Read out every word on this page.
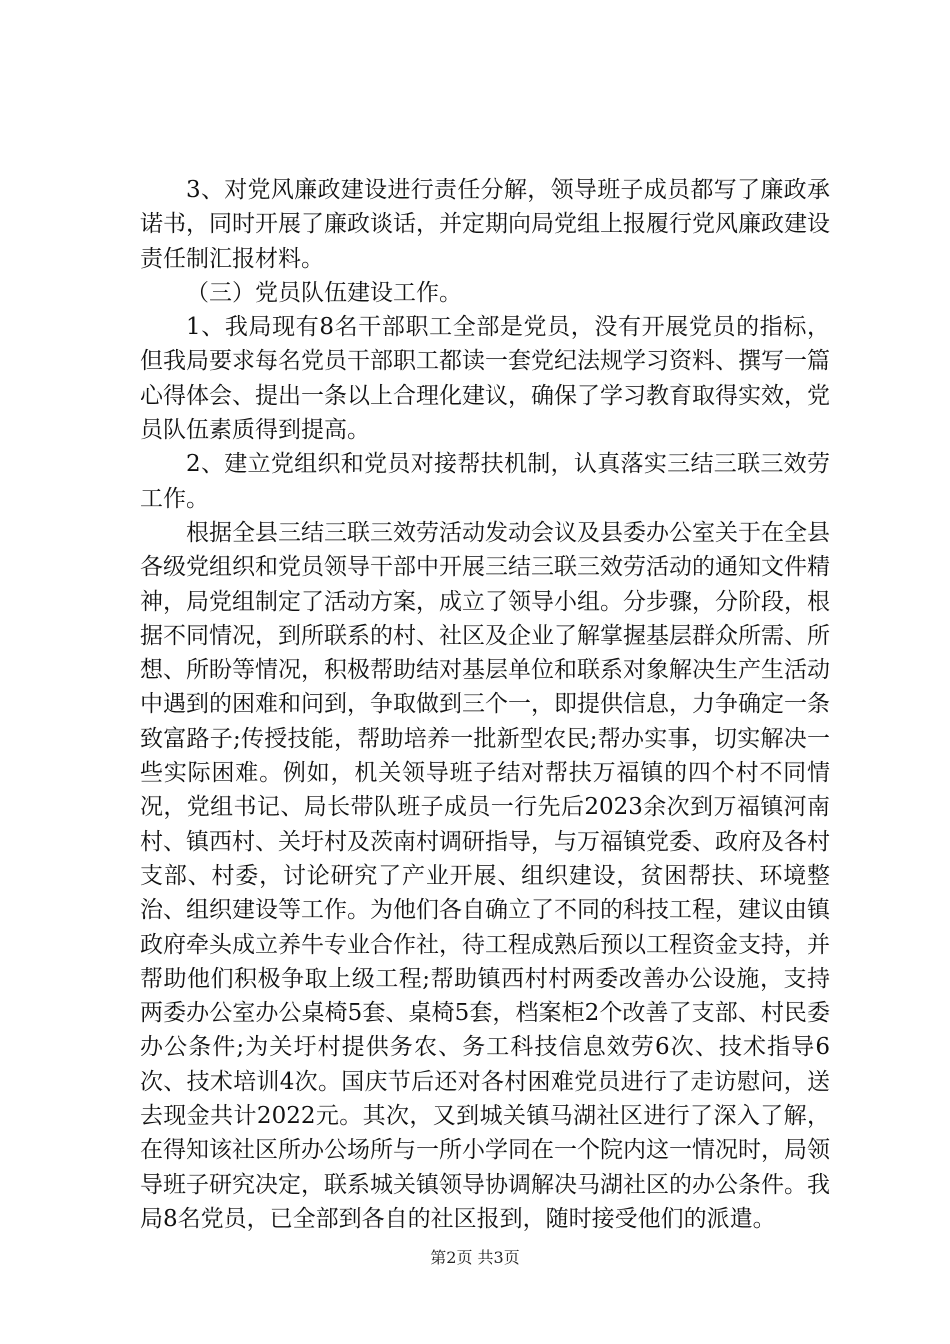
3、对党风廉政建设进行责任分解，领导班子成员都写了廉政承诺书，同时开展了廉政谈话，并定期向局党组上报履行党风廉政建设责任制汇报材料。

（三）党员队伍建设工作。

1、我局现有8名干部职工全部是党员，没有开展党员的指标，但我局要求每名党员干部职工都读一套党纪法规学习资料、撰写一篇心得体会、提出一条以上合理化建议，确保了学习教育取得实效，党员队伍素质得到提高。

2、建立党组织和党员对接帮扶机制，认真落实三结三联三效劳工作。

根据全县三结三联三效劳活动发动会议及县委办公室关于在全县各级党组织和党员领导干部中开展三结三联三效劳活动的通知文件精神，局党组制定了活动方案，成立了领导小组。分步骤，分阶段，根据不同情况，到所联系的村、社区及企业了解掌握基层群众所需、所想、所盼等情况，积极帮助结对基层单位和联系对象解决生产生活动中遇到的困难和问到，争取做到三个一，即提供信息，力争确定一条致富路子;传授技能，帮助培养一批新型农民;帮办实事，切实解决一些实际困难。例如，机关领导班子结对帮扶万福镇的四个村不同情况，党组书记、局长带队班子成员一行先后2023余次到万福镇河南村、镇西村、关圩村及茨南村调研指导，与万福镇党委、政府及各村支部、村委，讨论研究了产业开展、组织建设，贫困帮扶、环境整治、组织建设等工作。为他们各自确立了不同的科技工程，建议由镇政府牵头成立养牛专业合作社，待工程成熟后预以工程资金支持，并帮助他们积极争取上级工程;帮助镇西村村两委改善办公设施，支持两委办公室办公桌椅5套、桌椅5套，档案柜2个改善了支部、村民委办公条件;为关圩村提供务农、务工科技信息效劳6次、技术指导6次、技术培训4次。国庆节后还对各村困难党员进行了走访慰问，送去现金共计2022元。其次，又到城关镇马湖社区进行了深入了解，在得知该社区所办公场所与一所小学同在一个院内这一情况时，局领导班子研究决定，联系城关镇领导协调解决马湖社区的办公条件。我局8名党员，已全部到各自的社区报到，随时接受他们的派遣。

第2页 共3页
